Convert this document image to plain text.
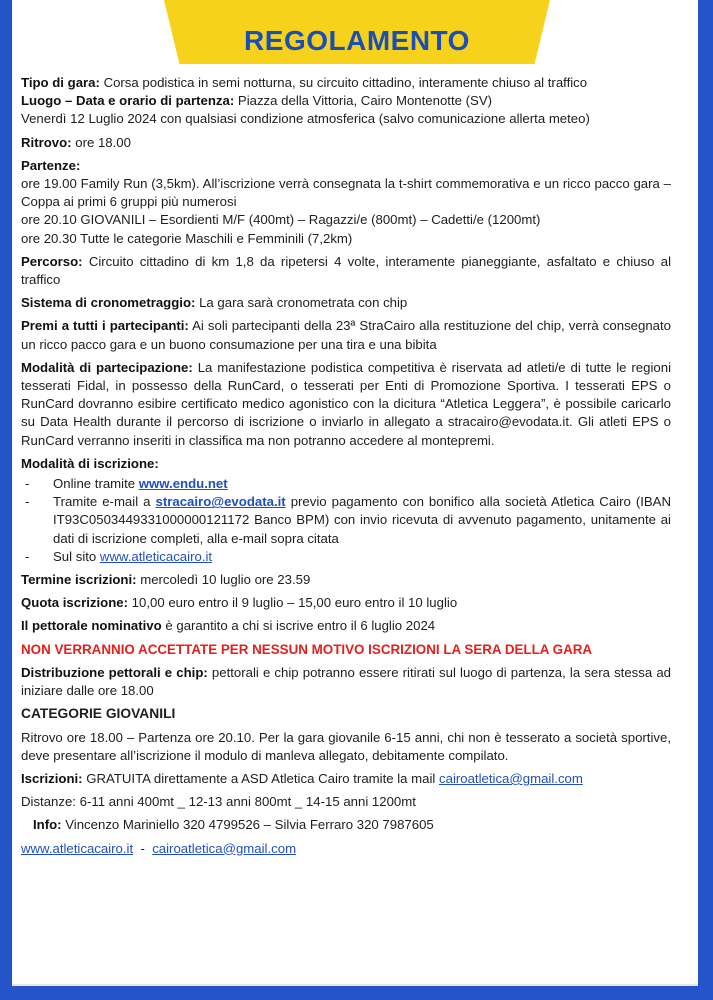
REGOLAMENTO

Tipo di gara: Corsa podistica in semi notturna, su circuito cittadino, interamente chiuso al traffico

Luogo – Data e orario di partenza: Piazza della Vittoria, Cairo Montenotte (SV)
Venerdì 12 Luglio 2024 con qualsiasi condizione atmosferica (salvo comunicazione allerta meteo)

Ritrovo: ore 18.00

Partenze:
ore 19.00 Family Run (3,5km). All’iscrizione verrà consegnata la t-shirt commemorativa e un ricco pacco gara – Coppa ai primi 6 gruppi più numerosi
ore 20.10 GIOVANILI – Esordienti M/F (400mt) – Ragazzi/e (800mt) – Cadetti/e (1200mt)
ore 20.30 Tutte le categorie Maschili e Femminili (7,2km)

Percorso: Circuito cittadino di km 1,8 da ripetersi 4 volte, interamente pianeggiante, asfaltato e chiuso al traffico

Sistema di cronometraggio: La gara sarà cronometrata con chip

Premi a tutti i partecipanti: Ai soli partecipanti della 23ª StraCairo alla restituzione del chip, verrà consegnato un ricco pacco gara e un buono consumazione per una tira e una bibita

Modalità di partecipazione: La manifestazione podistica competitiva è riservata ad atleti/e di tutte le regioni tesserati Fidal, in possesso della RunCard, o tesserati per Enti di Promozione Sportiva. I tesserati EPS o RunCard dovranno esibire certificato medico agonistico con la dicitura “Atletica Leggera”, è possibile caricarlo su Data Health durante il percorso di iscrizione o inviarlo in allegato a stracairo@evodata.it. Gli atleti EPS o RunCard verranno inseriti in classifica ma non potranno accedere al montepremi.

Modalità di iscrizione:

- Online tramite www.endu.net
- Tramite e-mail a stracairo@evodata.it previo pagamento con bonifico alla società Atletica Cairo (IBAN IT93C0503449331000000121172 Banco BPM) con invio ricevuta di avvenuto pagamento, unitamente ai dati di iscrizione completi, alla e-mail sopra citata
- Sul sito www.atleticacairo.it

Termine iscrizioni: mercoledì 10 luglio ore 23.59

Quota iscrizione: 10,00 euro entro il 9 luglio – 15,00 euro entro il 10 luglio

Il pettorale nominativo è garantito a chi si iscrive entro il 6 luglio 2024

NON VERRANNIO ACCETTATE PER NESSUN MOTIVO ISCRIZIONI LA SERA DELLA GARA

Distribuzione pettorali e chip: pettorali e chip potranno essere ritirati sul luogo di partenza, la sera stessa ad iniziare dalle ore 18.00

CATEGORIE GIOVANILI

Ritrovo ore 18.00 – Partenza ore 20.10. Per la gara giovanile 6-15 anni, chi non è tesserato a società sportive, deve presentare all’iscrizione il modulo di manleva allegato, debitamente compilato.

Iscrizioni: GRATUITA direttamente a ASD Atletica Cairo tramite la mail cairoatletica@gmail.com

Distanze: 6-11 anni 400mt _ 12-13 anni 800mt _ 14-15 anni 1200mt

Info: Vincenzo Mariniello 320 4799526 – Silvia Ferraro 320 7987605

www.atleticacairo.it - cairoatletica@gmail.com
